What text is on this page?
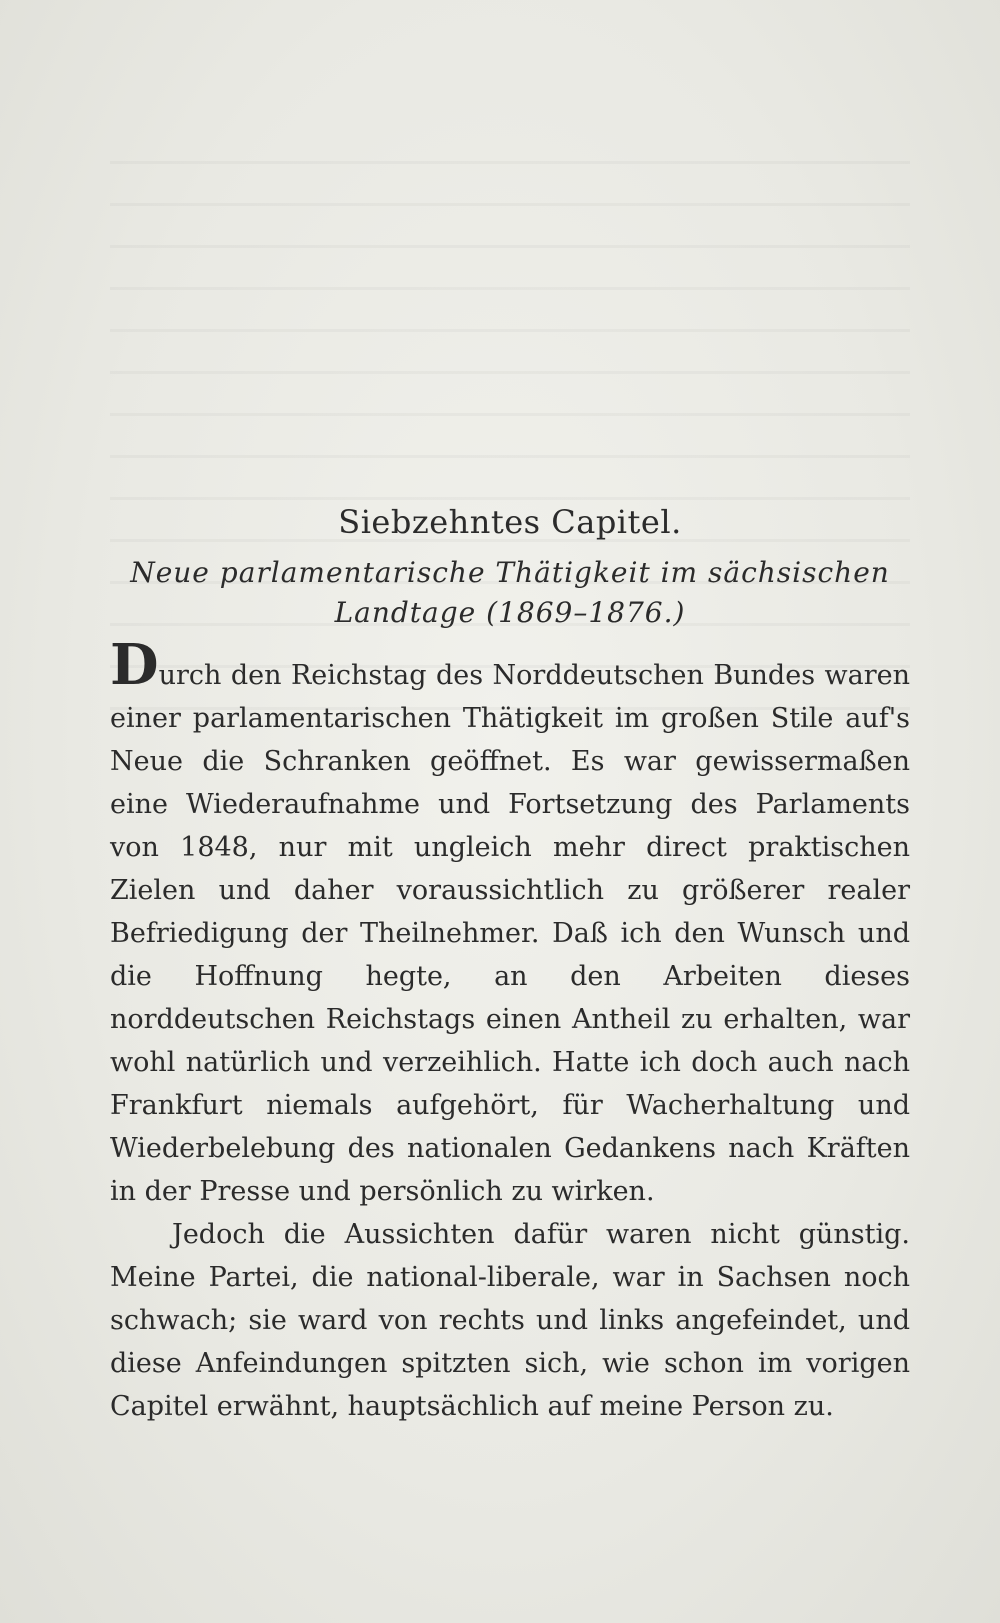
Siebzehntes Capitel.
Neue parlamentarische Thätigkeit im sächsischen Landtage (1869–1876.)

Durch den Reichstag des Norddeutschen Bundes waren einer parlamentarischen Thätigkeit im großen Stile auf's Neue die Schranken geöffnet. Es war gewissermaßen eine Wiederaufnahme und Fortsetzung des Parlaments von 1848, nur mit ungleich mehr direct praktischen Zielen und daher voraussichtlich zu größerer realer Befriedigung der Theilnehmer. Daß ich den Wunsch und die Hoffnung hegte, an den Arbeiten dieses norddeutschen Reichstags einen Antheil zu erhalten, war wohl natürlich und verzeihlich. Hatte ich doch auch nach Frankfurt niemals aufgehört, für Wacherhaltung und Wiederbelebung des nationalen Gedankens nach Kräften in der Presse und persönlich zu wirken.

Jedoch die Aussichten dafür waren nicht günstig. Meine Partei, die national-liberale, war in Sachsen noch schwach; sie ward von rechts und links angefeindet, und diese Anfeindungen spitzten sich, wie schon im vorigen Capitel erwähnt, hauptsächlich auf meine Person zu.
